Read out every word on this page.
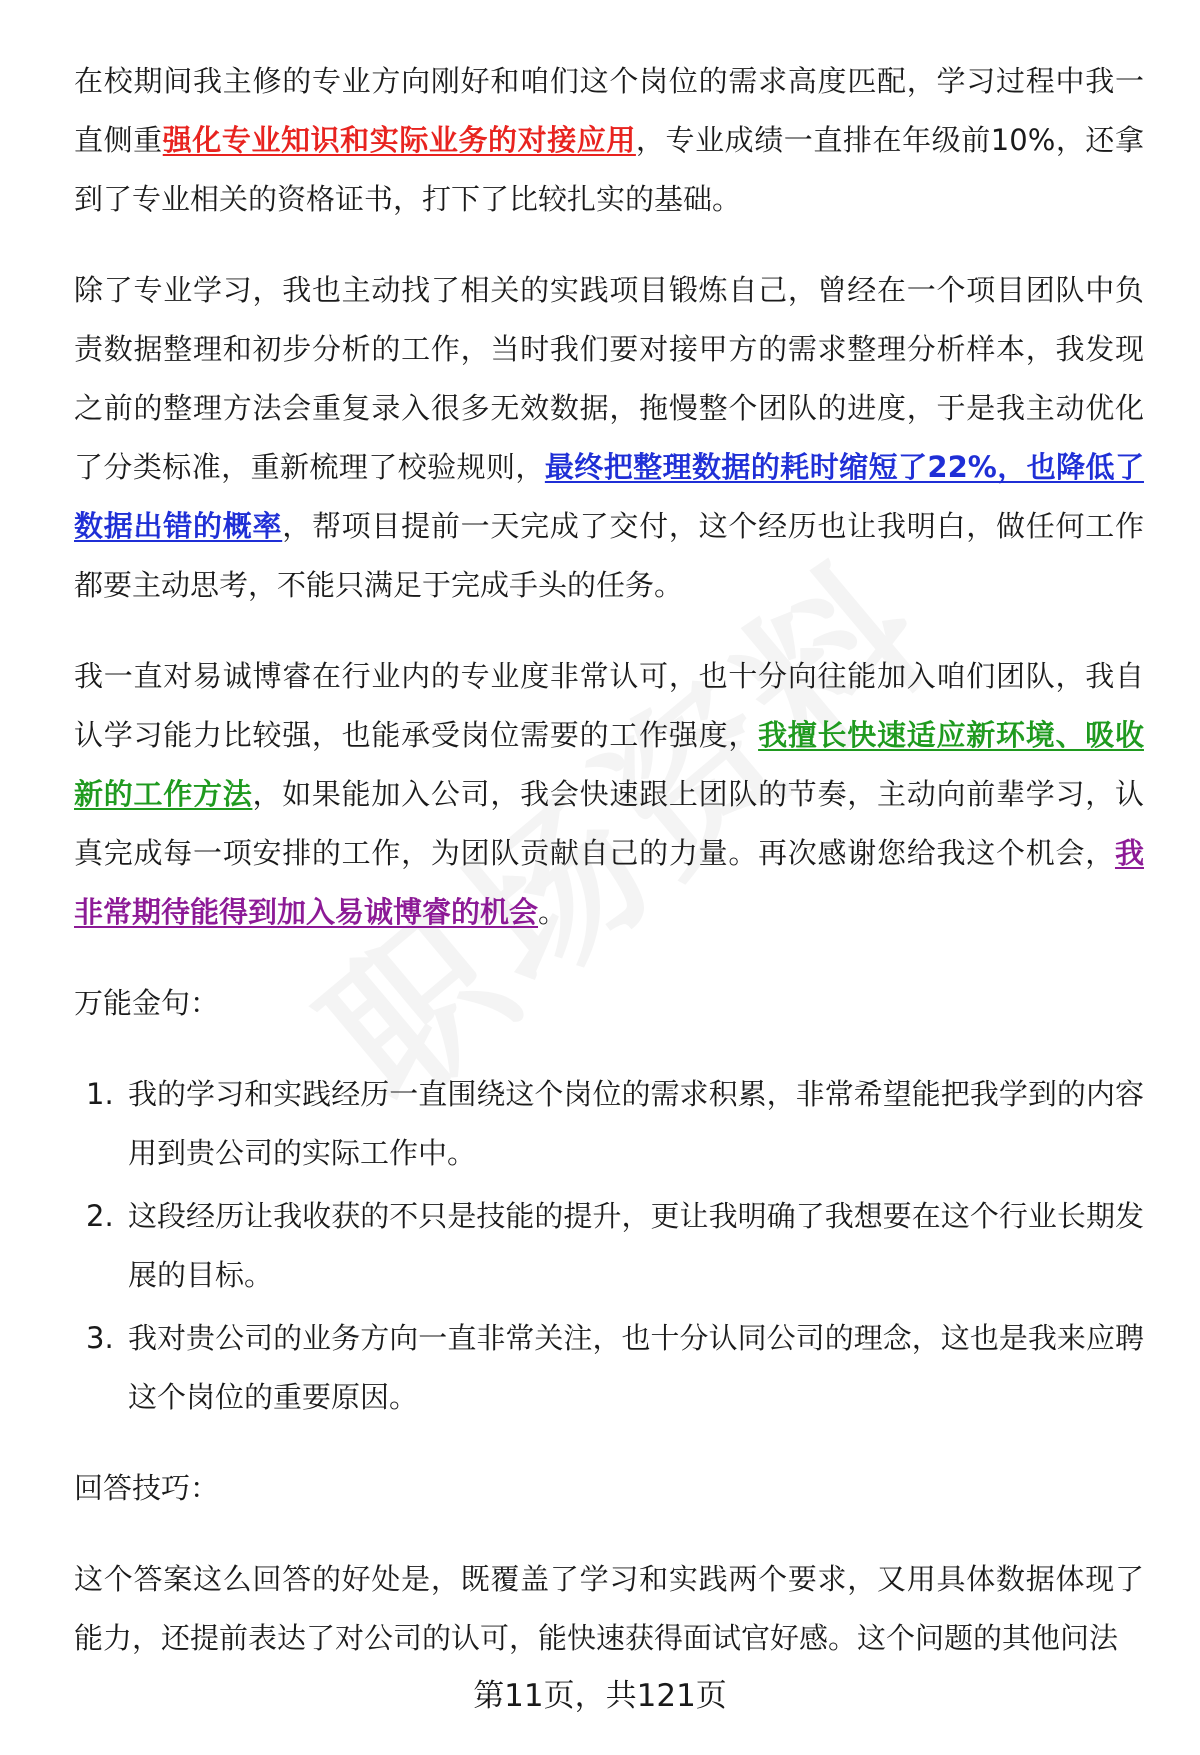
在校期间我主修的专业方向刚好和咱们这个岗位的需求高度匹配，学习过程中我一直侧重强化专业知识和实际业务的对接应用，专业成绩一直排在年级前10%，还拿到了专业相关的资格证书，打下了比较扎实的基础。

除了专业学习，我也主动找了相关的实践项目锻炼自己，曾经在一个项目团队中负责数据整理和初步分析的工作，当时我们要对接甲方的需求整理分析样本，我发现之前的整理方法会重复录入很多无效数据，拖慢整个团队的进度，于是我主动优化了分类标准，重新梳理了校验规则，最终把整理数据的耗时缩短了22%，也降低了数据出错的概率，帮项目提前一天完成了交付，这个经历也让我明白，做任何工作都要主动思考，不能只满足于完成手头的任务。

我一直对易诚博睿在行业内的专业度非常认可，也十分向往能加入咱们团队，我自认学习能力比较强，也能承受岗位需要的工作强度，我擅长快速适应新环境、吸收新的工作方法，如果能加入公司，我会快速跟上团队的节奏，主动向前辈学习，认真完成每一项安排的工作，为团队贡献自己的力量。再次感谢您给我这个机会，我非常期待能得到加入易诚博睿的机会。

万能金句：
1. 我的学习和实践经历一直围绕这个岗位的需求积累，非常希望能把我学到的内容用到贵公司的实际工作中。
2. 这段经历让我收获的不只是技能的提升，更让我明确了我想要在这个行业长期发展的目标。
3. 我对贵公司的业务方向一直非常关注，也十分认同公司的理念，这也是我来应聘这个岗位的重要原因。
回答技巧：

这个答案这么回答的好处是，既覆盖了学习和实践两个要求，又用具体数据体现了能力，还提前表达了对公司的认可，能快速获得面试官好感。这个问题的其他问法

第11页，共121页
